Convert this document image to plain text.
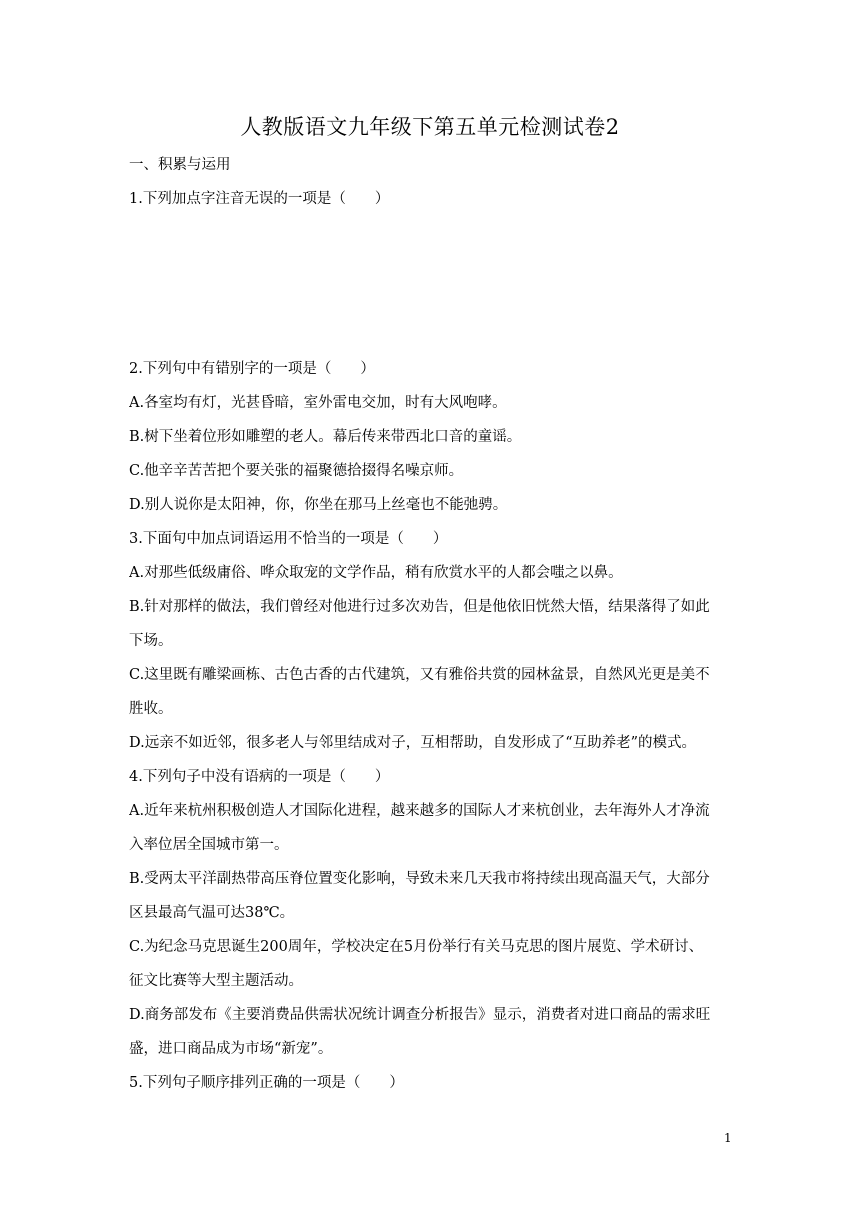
人教版语文九年级下第五单元检测试卷2
一、积累与运用
1.下列加点字注音无误的一项是（　　）
2.下列句中有错别字的一项是（　　）
A.各室均有灯，光甚昏暗，室外雷电交加，时有大风咆哮。
B.树下坐着位形如雕塑的老人。幕后传来带西北口音的童谣。
C.他辛辛苦苦把个要关张的福聚德拾掇得名噪京师。
D.别人说你是太阳神，你，你坐在那马上丝毫也不能弛骋。
3.下面句中加点词语运用不恰当的一项是（　　）
A.对那些低级庸俗、哗众取宠的文学作品，稍有欣赏水平的人都会嗤之以鼻。
B.针对那样的做法，我们曾经对他进行过多次劝告，但是他依旧恍然大悟，结果落得了如此
下场。
C.这里既有雕梁画栋、古色古香的古代建筑，又有雅俗共赏的园林盆景，自然风光更是美不
胜收。
D.远亲不如近邻，很多老人与邻里结成对子，互相帮助，自发形成了“互助养老”的模式。
4.下列句子中没有语病的一项是（　　）
A.近年来杭州积极创造人才国际化进程，越来越多的国际人才来杭创业，去年海外人才净流
入率位居全国城市第一。
B.受两太平洋副热带高压脊位置变化影响，导致未来几天我市将持续出现高温天气，大部分
区县最高气温可达38℃。
C.为纪念马克思诞生200周年，学校决定在5月份举行有关马克思的图片展览、学术研讨、
征文比赛等大型主题活动。
D.商务部发布《主要消费品供需状况统计调查分析报告》显示，消费者对进口商品的需求旺
盛，进口商品成为市场“新宠”。
5.下列句子顺序排列正确的一项是（　　）
1
